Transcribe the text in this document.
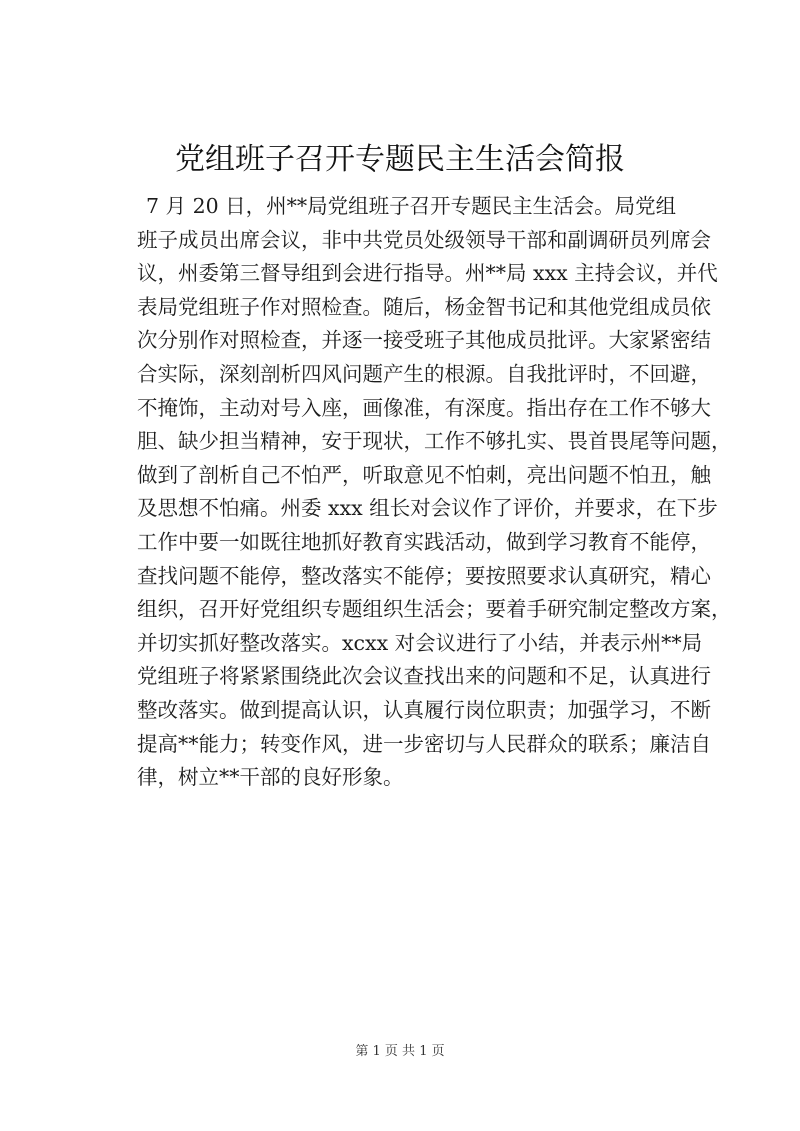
党组班子召开专题民主生活会简报
7 月 20 日，州**局党组班子召开专题民主生活会。局党组
班子成员出席会议，非中共党员处级领导干部和副调研员列席会
议，州委第三督导组到会进行指导。州**局 xxx 主持会议，并代
表局党组班子作对照检查。随后，杨金智书记和其他党组成员依
次分别作对照检查，并逐一接受班子其他成员批评。大家紧密结
合实际，深刻剖析四风问题产生的根源。自我批评时，不回避，
不掩饰，主动对号入座，画像准，有深度。指出存在工作不够大
胆、缺少担当精神，安于现状，工作不够扎实、畏首畏尾等问题，
做到了剖析自己不怕严，听取意见不怕刺，亮出问题不怕丑，触
及思想不怕痛。州委 xxx 组长对会议作了评价，并要求，在下步
工作中要一如既往地抓好教育实践活动，做到学习教育不能停，
查找问题不能停，整改落实不能停；要按照要求认真研究，精心
组织，召开好党组织专题组织生活会；要着手研究制定整改方案，
并切实抓好整改落实。xcxx 对会议进行了小结，并表示州**局
党组班子将紧紧围绕此次会议查找出来的问题和不足，认真进行
整改落实。做到提高认识，认真履行岗位职责；加强学习，不断
提高**能力；转变作风，进一步密切与人民群众的联系；廉洁自
律，树立**干部的良好形象。
第 1 页 共 1 页
